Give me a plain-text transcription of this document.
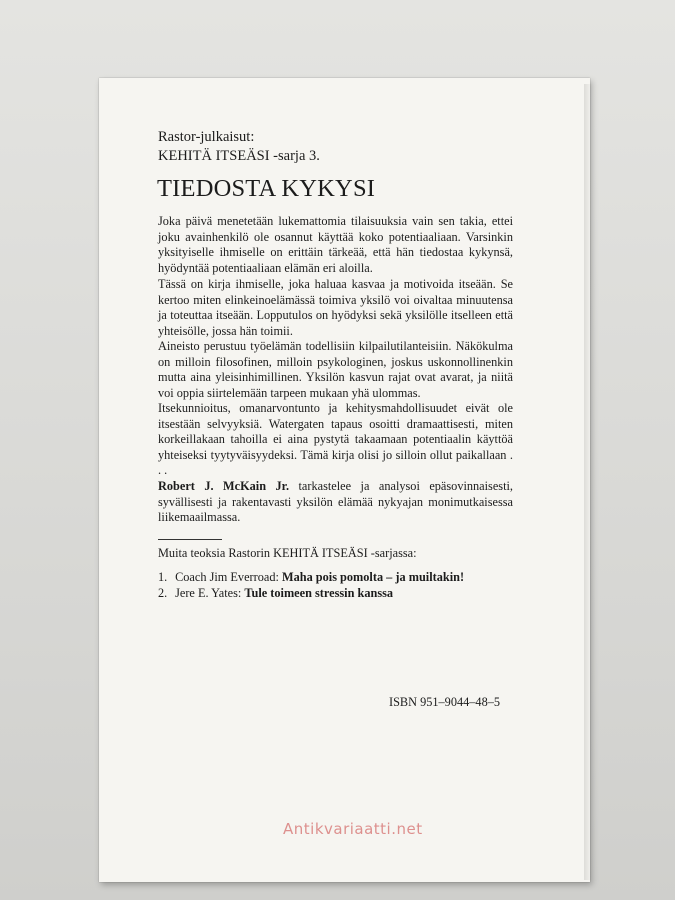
Rastor-julkaisut:
KEHITÄ ITSEÄSI -sarja 3.
TIEDOSTA KYKYSI

Joka päivä menetetään lukemattomia tilaisuuksia vain sen takia, ettei joku avainhenkilö ole osannut käyttää koko potentiaaliaan. Varsinkin yksityiselle ihmiselle on erittäin tärkeää, että hän tiedostaa kykynsä, hyödyntää potentiaaliaan elämän eri aloilla.

Tässä on kirja ihmiselle, joka haluaa kasvaa ja motivoida itseään. Se kertoo miten elinkeinoelämässä toimiva yksilö voi oivaltaa minuutensa ja toteuttaa itseään. Lopputulos on hyödyksi sekä yksilölle itselleen että yhteisölle, jossa hän toimii.

Aineisto perustuu työelämän todellisiin kilpailutilanteisiin. Näkökulma on milloin filosofinen, milloin psykologinen, joskus uskonnollinenkin mutta aina yleisinhimillinen. Yksilön kasvun rajat ovat avarat, ja niitä voi oppia siirtelemään tarpeen mukaan yhä ulommas.

Itsekunnioitus, omanarvontunto ja kehitysmahdollisuudet eivät ole itsestään selvyyksiä. Watergaten tapaus osoitti dramaattisesti, miten korkeillakaan tahoilla ei aina pystytä takaamaan potentiaalin käyttöä yhteiseksi tyytyväisyydeksi. Tämä kirja olisi jo silloin ollut paikallaan . . .

Robert J. McKain Jr. tarkastelee ja analysoi epäsovinnaisesti, syvällisesti ja rakentavasti yksilön elämää nykyajan monimutkaisessa liikemaailmassa.

Muita teoksia Rastorin KEHITÄ ITSEÄSI -sarjassa:
1. Coach Jim Everroad: Maha pois pomolta – ja muiltakin!
2. Jere E. Yates: Tule toimeen stressin kanssa
ISBN 951–9044–48–5
Antikvariaatti.net
